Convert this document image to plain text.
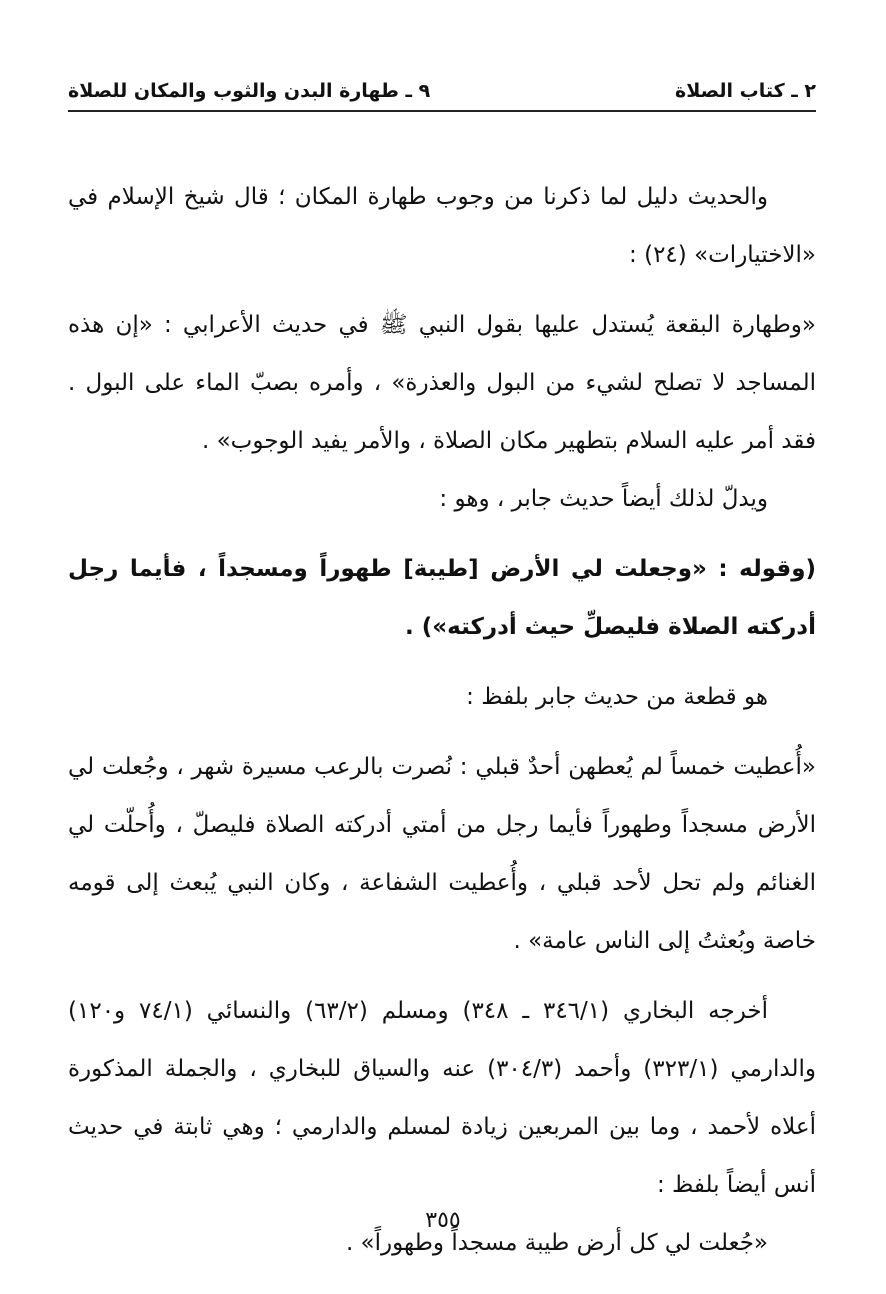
٢ ـ كتاب الصلاة
٩ ـ طهارة البدن والثوب والمكان للصلاة

والحديث دليل لما ذكرنا من وجوب طهارة المكان ؛ قال شيخ الإسلام في «الاختيارات» (٢٤) :

«وطهارة البقعة يُستدل عليها بقول النبي ﷺ في حديث الأعرابي : «إن هذه المساجد لا تصلح لشيء من البول والعذرة» ، وأمره بصبّ الماء على البول . فقد أمر عليه السلام بتطهير مكان الصلاة ، والأمر يفيد الوجوب» .

ويدلّ لذلك أيضاً حديث جابر ، وهو :

(وقوله : «وجعلت لي الأرض [طيبة] طهوراً ومسجداً ، فأيما رجل أدركته الصلاة فليصلِّ حيث أدركته») .

هو قطعة من حديث جابر بلفظ :

«أُعطيت خمساً لم يُعطهن أحدٌ قبلي : نُصرت بالرعب مسيرة شهر ، وجُعلت لي الأرض مسجداً وطهوراً فأيما رجل من أمتي أدركته الصلاة فليصلّ ، وأُحلّت لي الغنائم ولم تحل لأحد قبلي ، وأُعطيت الشفاعة ، وكان النبي يُبعث إلى قومه خاصة وبُعثتُ إلى الناس عامة» .

أخرجه البخاري (٣٤٦/١ ـ ٣٤٨) ومسلم (٦٣/٢) والنسائي (٧٤/١ و١٢٠) والدارمي (٣٢٣/١) وأحمد (٣٠٤/٣) عنه والسياق للبخاري ، والجملة المذكورة أعلاه لأحمد ، وما بين المربعين زيادة لمسلم والدارمي ؛ وهي ثابتة في حديث أنس أيضاً بلفظ :

«جُعلت لي كل أرض طيبة مسجداً وطهوراً» .

٣٥٥
